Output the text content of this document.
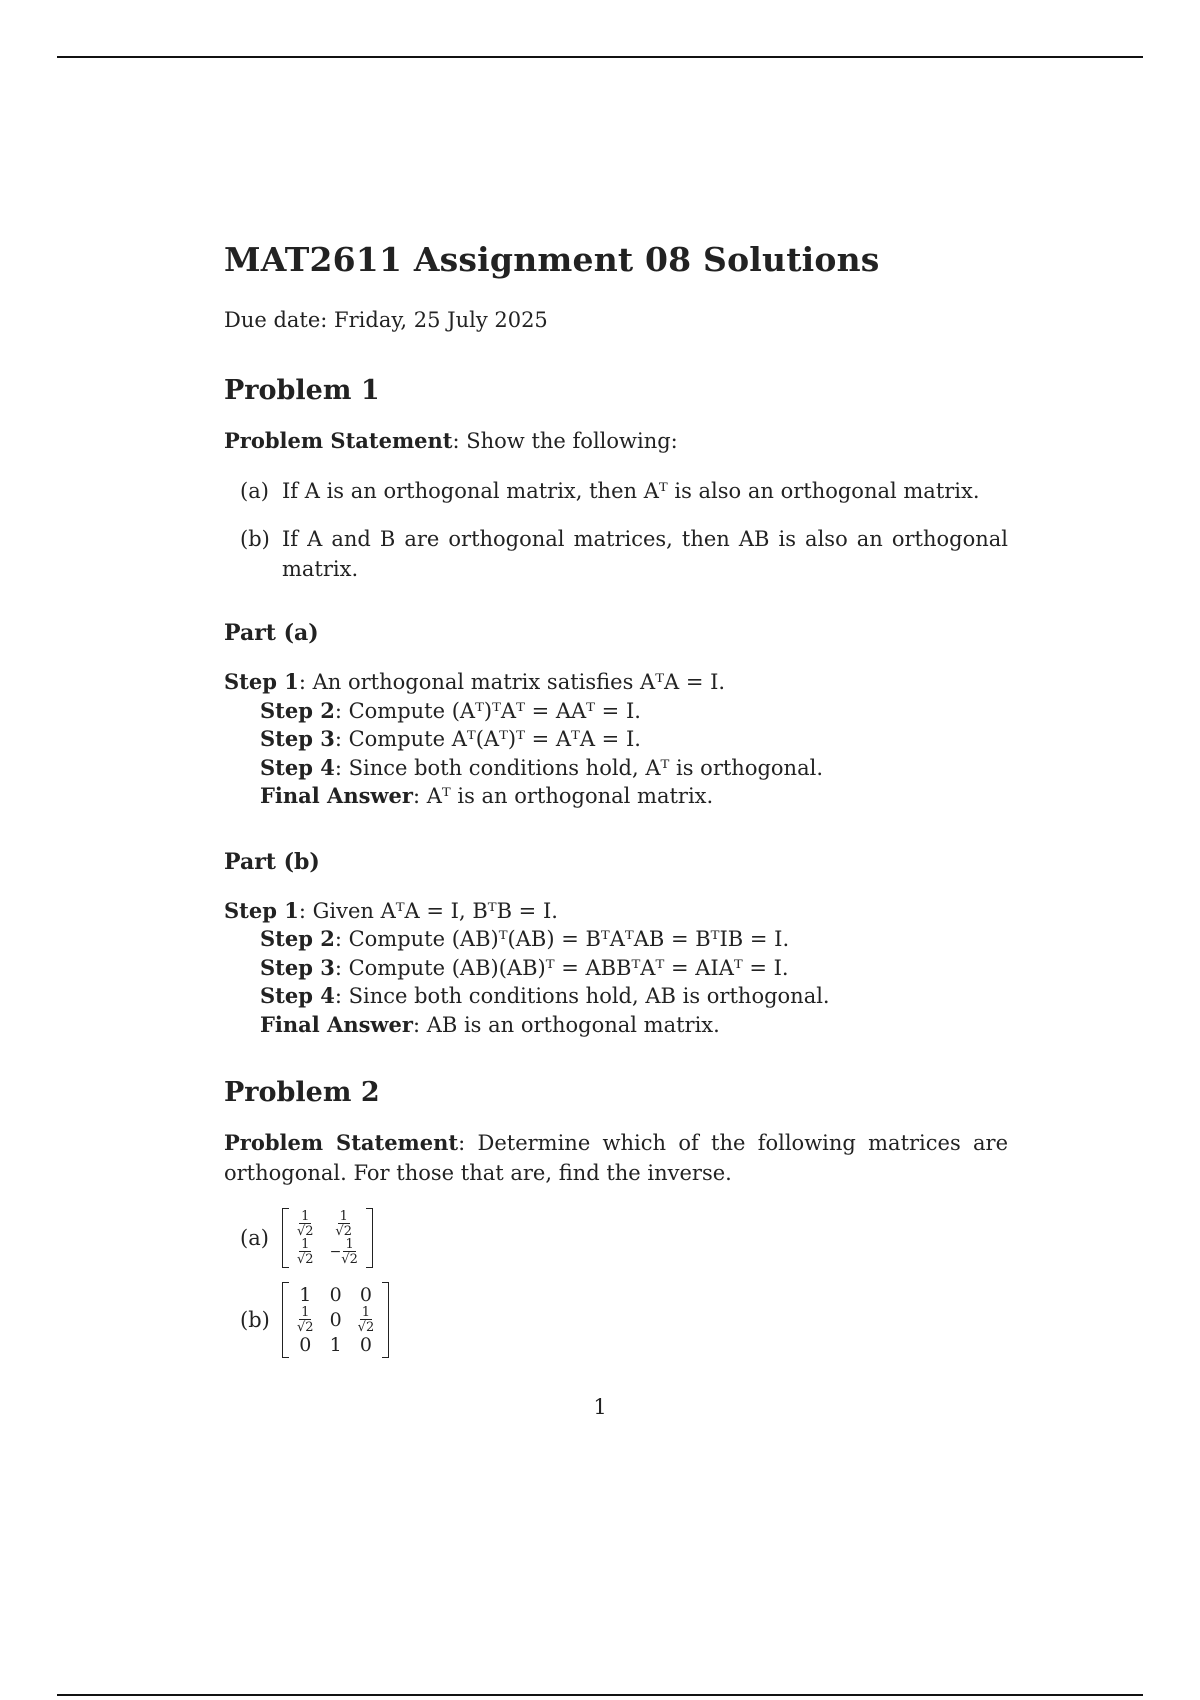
MAT2611 Assignment 08 Solutions

Due date: Friday, 25 July 2025

Problem 1

Problem Statement: Show the following:

(a) If A is an orthogonal matrix, then Aᵀ is also an orthogonal matrix.
(b) If A and B are orthogonal matrices, then AB is also an orthogonal matrix.
Part (a)

Step 1: An orthogonal matrix satisfies AᵀA = I.

Step 2: Compute (Aᵀ)ᵀAᵀ = AAᵀ = I.

Step 3: Compute Aᵀ(Aᵀ)ᵀ = AᵀA = I.

Step 4: Since both conditions hold, Aᵀ is orthogonal.

Final Answer: Aᵀ is an orthogonal matrix.

Part (b)

Step 1: Given AᵀA = I, BᵀB = I.

Step 2: Compute (AB)ᵀ(AB) = BᵀAᵀAB = BᵀIB = I.

Step 3: Compute (AB)(AB)ᵀ = ABBᵀAᵀ = AIAᵀ = I.

Step 4: Since both conditions hold, AB is orthogonal.

Final Answer: AB is an orthogonal matrix.

Problem 2

Problem Statement: Determine which of the following matrices are orthogonal. For those that are, find the inverse.

(a)	$\frac{1}{√2} \frac{1}{√2}$
$\frac{1}{√2} - \frac{1}{√2}$
(b)
1 0 0
$\frac{1}{√2} 0 \frac{1}{√2}$
0 1 0
1
